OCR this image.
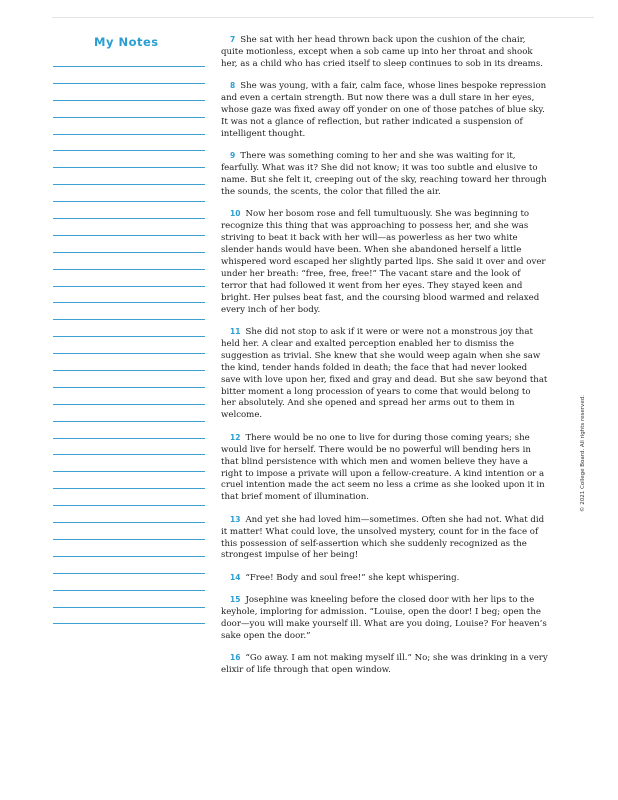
My Notes	7 She sat with her head thrown back upon the cushion of the chair, quite motionless, except when a sob came up into her throat and shook her, as a child who has cried itself to sleep continues to sob in its dreams.

8 She was young, with a fair, calm face, whose lines bespoke repression and even a certain strength. But now there was a dull stare in her eyes, whose gaze was fixed away off yonder on one of those patches of blue sky. It was not a glance of reflection, but rather indicated a suspension of intelligent thought.

9 There was something coming to her and she was waiting for it, fearfully. What was it? She did not know; it was too subtle and elusive to name. But she felt it, creeping out of the sky, reaching toward her through the sounds, the scents, the color that filled the air.

10 Now her bosom rose and fell tumultuously. She was beginning to recognize this thing that was approaching to possess her, and she was striving to beat it back with her will—as powerless as her two white slender hands would have been. When she abandoned herself a little whispered word escaped her slightly parted lips. She said it over and over under her breath: “free, free, free!” The vacant stare and the look of terror that had followed it went from her eyes. They stayed keen and bright. Her pulses beat fast, and the coursing blood warmed and relaxed every inch of her body.

11 She did not stop to ask if it were or were not a monstrous joy that held her. A clear and exalted perception enabled her to dismiss the suggestion as trivial. She knew that she would weep again when she saw the kind, tender hands folded in death; the face that had never looked save with love upon her, fixed and gray and dead. But she saw beyond that bitter moment a long procession of years to come that would belong to her absolutely. And she opened and spread her arms out to them in welcome.

12 There would be no one to live for during those coming years; she would live for herself. There would be no powerful will bending hers in that blind persistence with which men and women believe they have a right to impose a private will upon a fellow-creature. A kind intention or a cruel intention made the act seem no less a crime as she looked upon it in that brief moment of illumination.

13 And yet she had loved him—sometimes. Often she had not. What did it matter! What could love, the unsolved mystery, count for in the face of this possession of self-assertion which she suddenly recognized as the strongest impulse of her being!

14 “Free! Body and soul free!” she kept whispering.

15 Josephine was kneeling before the closed door with her lips to the keyhole, imploring for admission. “Louise, open the door! I beg; open the door—you will make yourself ill. What are you doing, Louise? For heaven’s sake open the door.”

16 “Go away. I am not making myself ill.” No; she was drinking in a very elixir of life through that open window.

© 2021 College Board. All rights reserved.
